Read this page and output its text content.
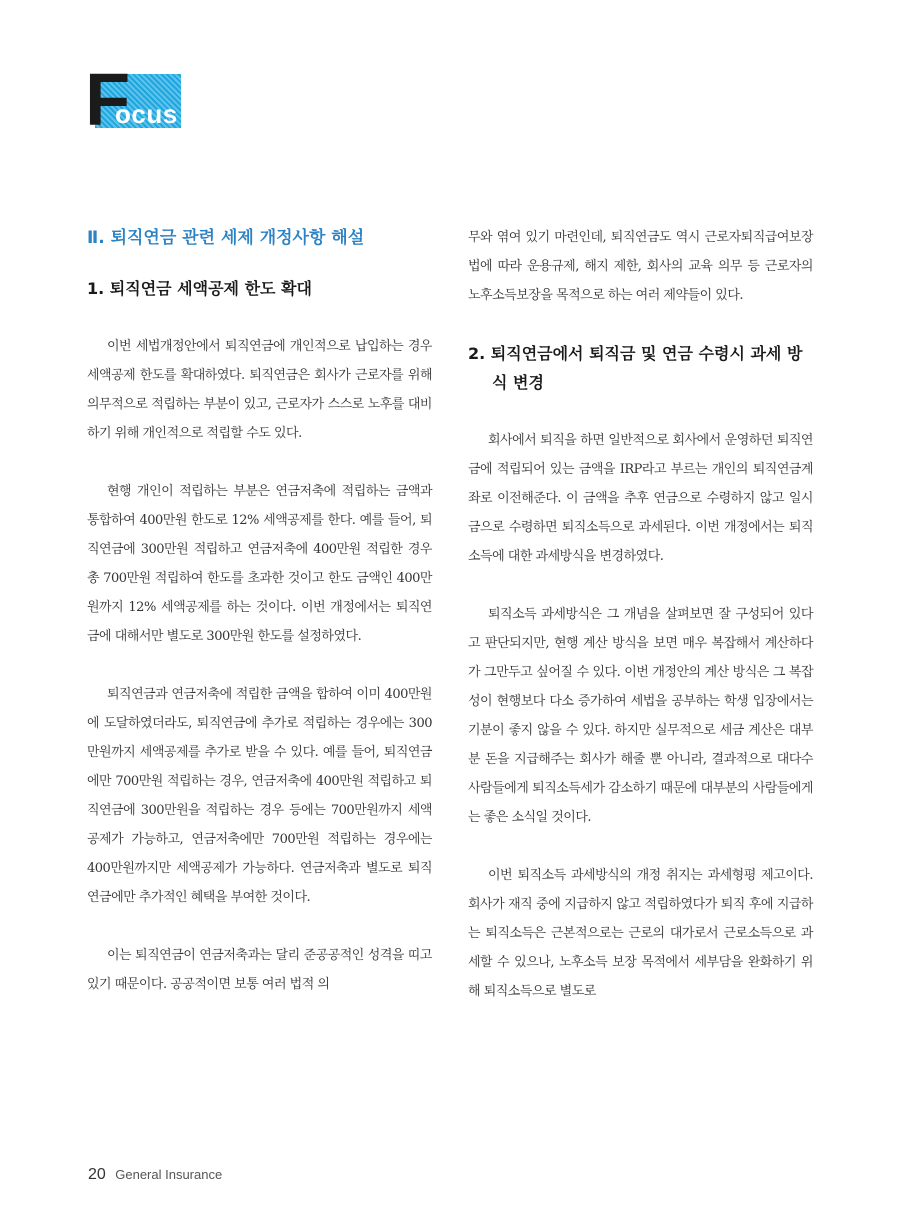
F
ocus
Ⅱ. 퇴직연금 관련 세제 개정사항 해설
1. 퇴직연금 세액공제 한도 확대

이번 세법개정안에서 퇴직연금에 개인적으로 납입하는 경우 세액공제 한도를 확대하였다. 퇴직연금은 회사가 근로자를 위해 의무적으로 적립하는 부분이 있고, 근로자가 스스로 노후를 대비하기 위해 개인적으로 적립할 수도 있다.

현행 개인이 적립하는 부분은 연금저축에 적립하는 금액과 통합하여 400만원 한도로 12% 세액공제를 한다. 예를 들어, 퇴직연금에 300만원 적립하고 연금저축에 400만원 적립한 경우 총 700만원 적립하여 한도를 초과한 것이고 한도 금액인 400만원까지 12% 세액공제를 하는 것이다. 이번 개정에서는 퇴직연금에 대해서만 별도로 300만원 한도를 설정하였다.

퇴직연금과 연금저축에 적립한 금액을 합하여 이미 400만원에 도달하였더라도, 퇴직연금에 추가로 적립하는 경우에는 300만원까지 세액공제를 추가로 받을 수 있다. 예를 들어, 퇴직연금에만 700만원 적립하는 경우, 연금저축에 400만원 적립하고 퇴직연금에 300만원을 적립하는 경우 등에는 700만원까지 세액공제가 가능하고, 연금저축에만 700만원 적립하는 경우에는 400만원까지만 세액공제가 가능하다. 연금저축과 별도로 퇴직연금에만 추가적인 혜택을 부여한 것이다.

이는 퇴직연금이 연금저축과는 달리 준공공적인 성격을 띠고 있기 때문이다. 공공적이면 보통 여러 법적 의

무와 엮여 있기 마련인데, 퇴직연금도 역시 근로자퇴직급여보장법에 따라 운용규제, 해지 제한, 회사의 교육 의무 등 근로자의 노후소득보장을 목적으로 하는 여러 제약들이 있다.

2. 퇴직연금에서 퇴직금 및 연금 수령시 과세 방식 변경

회사에서 퇴직을 하면 일반적으로 회사에서 운영하던 퇴직연금에 적립되어 있는 금액을 IRP라고 부르는 개인의 퇴직연금계좌로 이전해준다. 이 금액을 추후 연금으로 수령하지 않고 일시금으로 수령하면 퇴직소득으로 과세된다. 이번 개정에서는 퇴직소득에 대한 과세방식을 변경하였다.

퇴직소득 과세방식은 그 개념을 살펴보면 잘 구성되어 있다고 판단되지만, 현행 계산 방식을 보면 매우 복잡해서 계산하다가 그만두고 싶어질 수 있다. 이번 개정안의 계산 방식은 그 복잡성이 현행보다 다소 증가하여 세법을 공부하는 학생 입장에서는 기분이 좋지 않을 수 있다. 하지만 실무적으로 세금 계산은 대부분 돈을 지급해주는 회사가 해줄 뿐 아니라, 결과적으로 대다수 사람들에게 퇴직소득세가 감소하기 때문에 대부분의 사람들에게는 좋은 소식일 것이다.

이번 퇴직소득 과세방식의 개정 취지는 과세형평 제고이다. 회사가 재직 중에 지급하지 않고 적립하였다가 퇴직 후에 지급하는 퇴직소득은 근본적으로는 근로의 대가로서 근로소득으로 과세할 수 있으나, 노후소득 보장 목적에서 세부담을 완화하기 위해 퇴직소득으로 별도로

20 General Insurance
